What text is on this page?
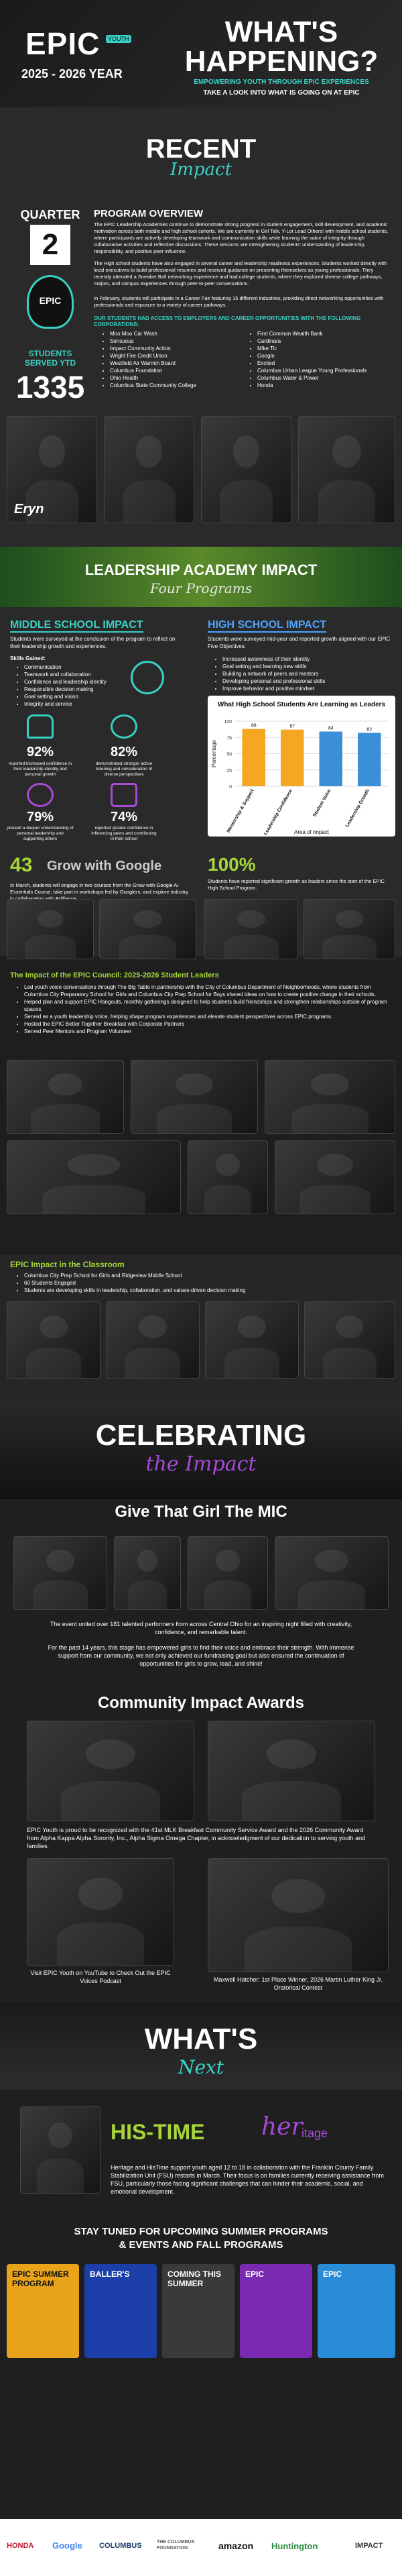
EPIC	YOUTH
2025 - 2026 YEAR
WHAT'S
HAPPENING?
EMPOWERING YOUTH THROUGH EPIC EXPERIENCES
TAKE A LOOK INTO WHAT IS GOING ON AT EPIC
RECENT
Impact
QUARTER
2
EPIC
STUDENTS SERVED YTD
1335
PROGRAM OVERVIEW
The EPIC Leadership Academies continue to demonstrate strong progress in student engagement, skill development, and academic motivation across both middle and high school cohorts. We are currently in Girl Talk, Y-Lot Lead Others! with middle school students, where participants are actively developing teamwork and communication skills while learning the value of integrity through collaborative activities and reflective discussions. These sessions are strengthening students' understanding of leadership, responsibility, and positive peer influence.
The High school students have also engaged in several career and leadership readiness experiences. Students worked directly with local executives to build professional resumes and received guidance on presenting themselves as young professionals. They recently attended a Sneaker Ball networking experience and had college students, where they explored diverse college pathways, majors, and campus experiences through peer-to-peer conversations.
In February, students will participate in a Career Fair featuring 15 different industries, providing direct networking opportunities with professionals and exposure to a variety of career pathways.
OUR STUDENTS HAD ACCESS TO EMPLOYERS AND CAREER OPPORTUNITIES WITH THE FOLLOWING CORPORATIONS:
• Moo Moo Car Wash
• Sensuous
• Impact Community Action
• Wright Fire Credit Union
• Westfield Air Warmth Board
• Columbus Foundation
• Ohio Health
• Columbus State Community College
• First Common Wealth Bank
• Cardinara
• Mike Tic
• Google
• Excited
• Columbus Urban League Young Professionals
• Columbus Water & Power
• Honda
Eryn
LEADERSHIP ACADEMY IMPACT
Four Programs
MIDDLE SCHOOL IMPACT
Students were surveyed at the conclusion of the program to reflect on their leadership growth and experiences.
Skills Gained:
• Communication
• Teamwork and collaboration
• Confidence and leadership identity
• Responsible decision making
• Goal setting and vision
• Integrity and service
92%
reported increased confidence in their leadership identity and personal growth
82%
demonstrated stronger active listening and consideration of diverse perspectives
79%
present a deeper understanding of personal leadership and supporting others
74%
reported greater confidence in influencing peers and contributing in their school
HIGH SCHOOL IMPACT
Students were surveyed mid-year and reported growth aligned with our EPIC Five Objectives:
• Increased awareness of their identity
• Goal setting and learning new skills
• Building a network of peers and mentors
• Developing personal and professional skills
• Improve behavior and positive mindset
What High School Students Are Learning as Leaders
0
25
50
75
100
88
Mentorship & Support
87
Leadership Confidence
84
Student Voice
82
Leadership Growth
Percentage
Area of Impact
43 Grow with Google
In March, students will engage in two courses from the Grow with Google AI Essentials Course, take part in workshops led by Googlers, and explore industry
100%
Students have reported significant growth as leaders since the start of the EPIC High School Program.
The Impact of the EPIC Council: 2025-2026 Student Leaders
• Led youth voice conversations through The Big Table in partnership with the City of Columbus Department of Neighborhoods, where students from Columbus City Preparatory School for Girls and Columbus City Prep School for Boys shared ideas on how to create positive change in their schools.
• Helped plan and support EPIC Hangouts, monthly gatherings designed to help students build friendships and strengthen relationships outside of program spaces.
• Served as a youth leadership voice, helping shape program experiences and elevate student perspectives across EPIC programs.
• Hosted the EPIC Better Together Breakfast with Corporate Partners
• Served Peer Mentors and Program Volunteer
EPIC Impact in the Classroom
• Columbus City Prep School for Girls and Ridgeview Middle School
• 60 Students Engaged
• Students are developing skills in leadership, collaboration, and values-driven decision making
CELEBRATING
the Impact
Give That Girl The MIC
The event united over 181 talented performers from across Central Ohio for an inspiring night filled with creativity, confidence, and remarkable talent.
For the past 14 years, this stage has empowered girls to find their voice and embrace their strength. With immense support from our community, we not only achieved our fundraising goal but also ensured the continuation of opportunities for girls to grow, lead, and shine!
Community Impact Awards
EPIC Youth is proud to be recognized with the 41st MLK Breakfast Community Service Award and the 2026 Community Award from Alpha Kappa Alpha Sorority, Inc., Alpha Sigma Omega Chapter, in acknowledgment of our dedication to serving youth and families.
Visit EPIC Youth on YouTube to Check Out the EPIC Voices Podcast	Maxwell Hatcher: 1st Place Winner, 2026 Martin Luther King Jr. Oratorical Contest
WHAT'S
Next
HIS-TIME her
itage
Heritage and HisTime support youth aged 12 to 18 in collaboration with the Franklin County Family Stabilization Unit (FSU) restarts in March. Their focus is on families currently receiving assistance from FSU, particularly those facing significant challenges that can hinder their academic, social, and emotional development.
STAY TUNED FOR UPCOMING SUMMER PROGRAMS
& EVENTS AND FALL PROGRAMS
EPIC SUMMER PROGRAM
BALLER'S	COMING THIS SUMMER
EPIC	EPIC
HONDA Google COLUMBUS	THE COLUMBUS FOUNDATION	amazon Huntington	IMPACT
